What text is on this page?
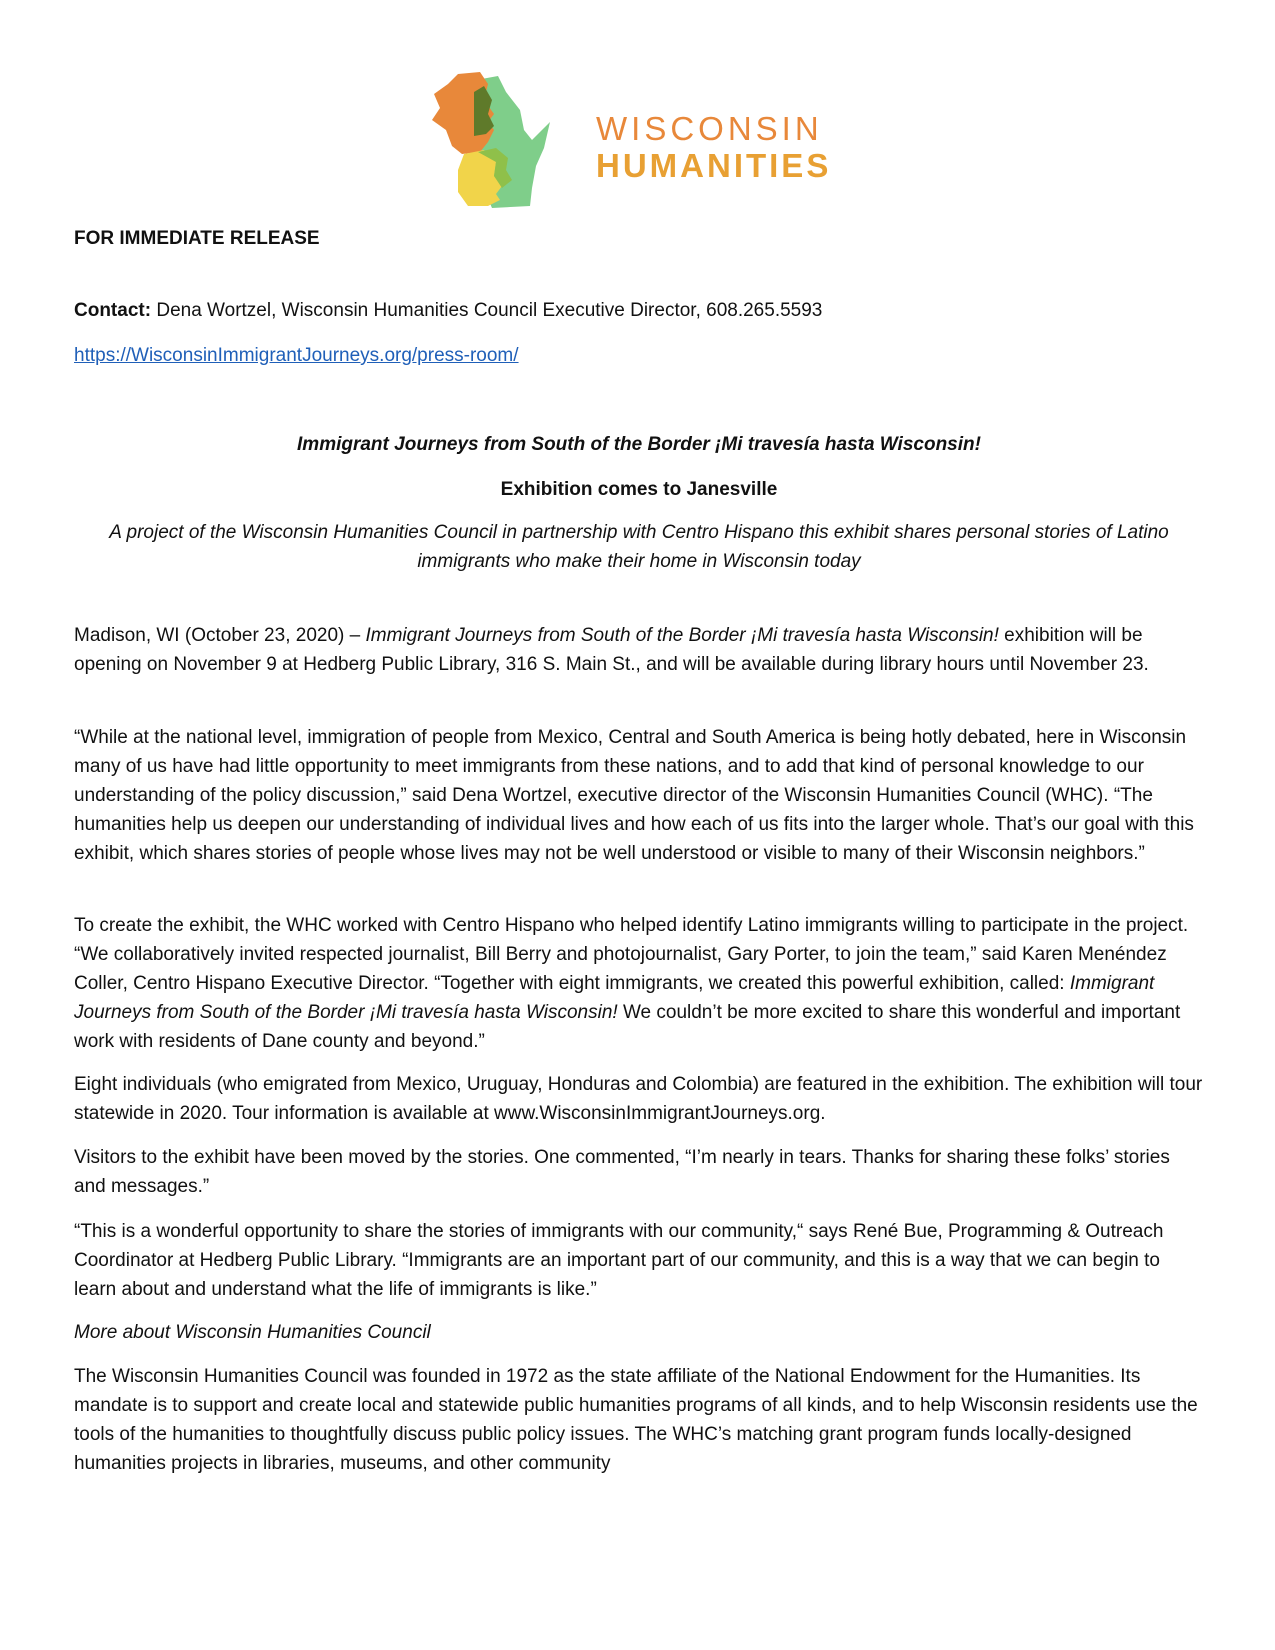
WISCONSIN
HUMANITIES

FOR IMMEDIATE RELEASE

Contact: Dena Wortzel, Wisconsin Humanities Council Executive Director, 608.265.5593

https://WisconsinImmigrantJourneys.org/press-room/

Immigrant Journeys from South of the Border ¡Mi travesía hasta Wisconsin!

Exhibition comes to Janesville

A project of the Wisconsin Humanities Council in partnership with Centro Hispano this exhibit shares personal stories of Latino immigrants who make their home in Wisconsin today

Madison, WI (October 23, 2020) – Immigrant Journeys from South of the Border ¡Mi travesía hasta Wisconsin! exhibition will be opening on November 9 at Hedberg Public Library, 316 S. Main St., and will be available during library hours until November 23.

“While at the national level, immigration of people from Mexico, Central and South America is being hotly debated, here in Wisconsin many of us have had little opportunity to meet immigrants from these nations, and to add that kind of personal knowledge to our understanding of the policy discussion,” said Dena Wortzel, executive director of the Wisconsin Humanities Council (WHC). “The humanities help us deepen our understanding of individual lives and how each of us fits into the larger whole. That’s our goal with this exhibit, which shares stories of people whose lives may not be well understood or visible to many of their Wisconsin neighbors.”

To create the exhibit, the WHC worked with Centro Hispano who helped identify Latino immigrants willing to participate in the project. “We collaboratively invited respected journalist, Bill Berry and photojournalist, Gary Porter, to join the team,” said Karen Menéndez Coller, Centro Hispano Executive Director. “Together with eight immigrants, we created this powerful exhibition, called: Immigrant Journeys from South of the Border ¡Mi travesía hasta Wisconsin! We couldn’t be more excited to share this wonderful and important work with residents of Dane county and beyond.”

Eight individuals (who emigrated from Mexico, Uruguay, Honduras and Colombia) are featured in the exhibition. The exhibition will tour statewide in 2020. Tour information is available at www.WisconsinImmigrantJourneys.org.

Visitors to the exhibit have been moved by the stories. One commented, “I’m nearly in tears. Thanks for sharing these folks’ stories and messages.”

“This is a wonderful opportunity to share the stories of immigrants with our community,“ says René Bue, Programming & Outreach Coordinator at Hedberg Public Library. “Immigrants are an important part of our community, and this is a way that we can begin to learn about and understand what the life of immigrants is like.”

More about Wisconsin Humanities Council

The Wisconsin Humanities Council was founded in 1972 as the state affiliate of the National Endowment for the Humanities. Its mandate is to support and create local and statewide public humanities programs of all kinds, and to help Wisconsin residents use the tools of the humanities to thoughtfully discuss public policy issues. The WHC’s matching grant program funds locally-designed humanities projects in libraries, museums, and other community
